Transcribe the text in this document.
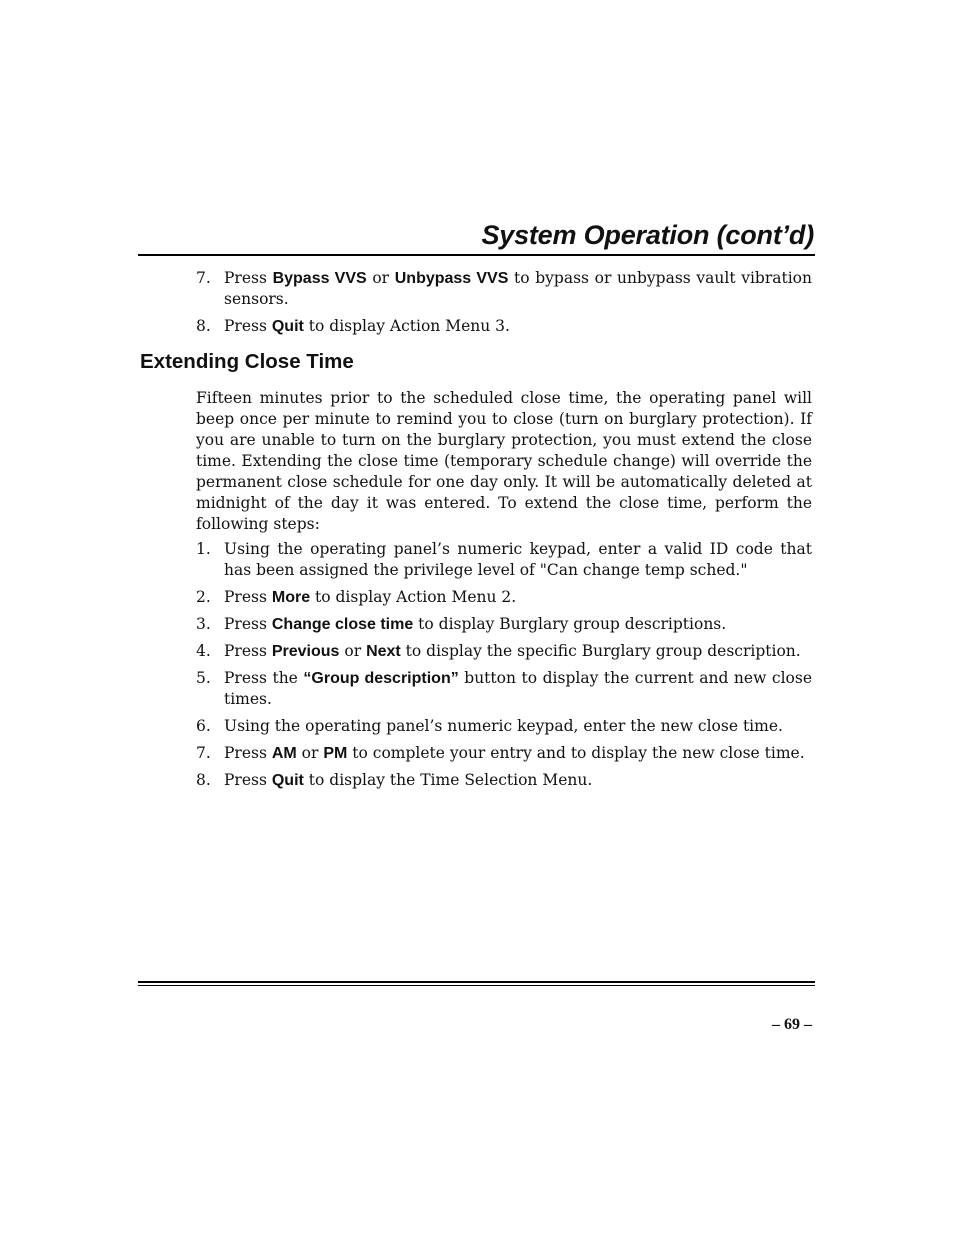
System Operation (cont’d)
7. Press Bypass VVS or Unbypass VVS to bypass or unbypass vault vibration sensors.
8. Press Quit to display Action Menu 3.
Extending Close Time

Fifteen minutes prior to the scheduled close time, the operating panel will beep once per minute to remind you to close (turn on burglary protection). If you are unable to turn on the burglary protection, you must extend the close time. Extending the close time (temporary schedule change) will override the permanent close schedule for one day only. It will be automatically deleted at midnight of the day it was entered. To extend the close time, perform the following steps:

1. Using the operating panel’s numeric keypad, enter a valid ID code that has been assigned the privilege level of "Can change temp sched."
2. Press More to display Action Menu 2.
3. Press Change close time to display Burglary group descriptions.
4. Press Previous or Next to display the specific Burglary group description.
5. Press the “Group description” button to display the current and new close times.
6. Using the operating panel’s numeric keypad, enter the new close time.
7. Press AM or PM to complete your entry and to display the new close time.
8. Press Quit to display the Time Selection Menu.
– 69 –
